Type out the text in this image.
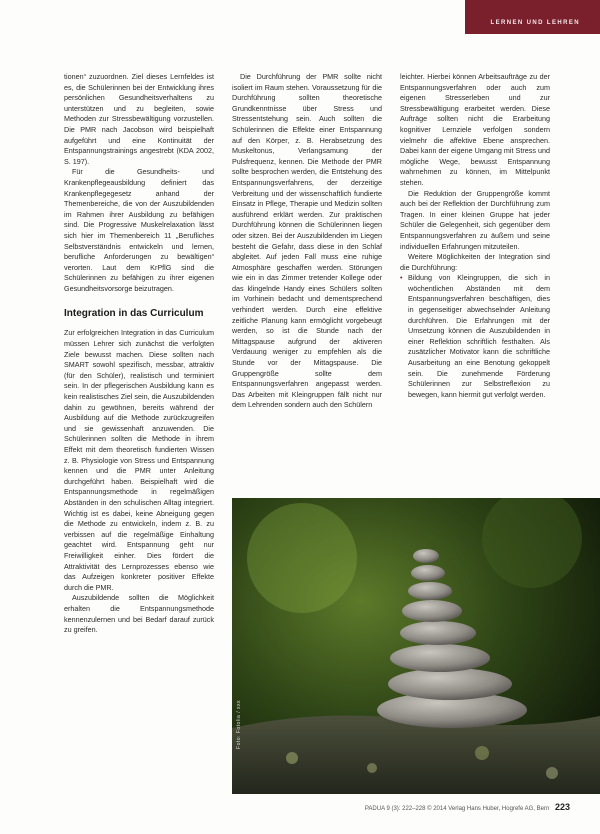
LERNEN UND LEHREN

tionen“ zuzuordnen. Ziel dieses Lernfeldes ist es, die Schülerinnen bei der Entwicklung ihres persönlichen Gesundheitsverhaltens zu unterstützen und zu begleiten, sowie Methoden zur Stressbewältigung vorzustellen. Die PMR nach Jacobson wird beispielhaft aufgeführt und eine Kontinuität der Entspannungstrainings angestrebt (KDA 2002, S. 197).

Für die Gesundheits- und Krankenpflegeausbildung definiert das Krankenpflegegesetz anhand der Themenbereiche, die von der Auszubildenden im Rahmen ihrer Ausbildung zu befähigen sind. Die Progressive Muskelrelaxation lässt sich hier im Themenbereich 11 „Berufliches Selbstverständnis entwickeln und lernen, berufliche Anforderungen zu bewältigen“ verorten. Laut dem KrPflG sind die Schülerinnen zu befähigen zu ihrer eigenen Gesundheitsvorsorge beizutragen.

Integration in das Curriculum

Zur erfolgreichen Integration in das Curriculum müssen Lehrer sich zunächst die verfolgten Ziele bewusst machen. Diese sollten nach SMART sowohl spezifisch, messbar, attraktiv (für den Schüler), realistisch und terminiert sein. In der pflegerischen Ausbildung kann es kein realistisches Ziel sein, die Auszubildenden dahin zu gewöhnen, bereits während der Ausbildung auf die Methode zurückzugreifen und sie gewissenhaft anzuwenden. Die Schülerinnen sollten die Methode in ihrem Effekt mit dem theoretisch fundierten Wissen z. B. Physiologie von Stress und Entspannung kennen und die PMR unter Anleitung durchgeführt haben. Beispielhaft wird die Entspannungsmethode in regelmäßigen Abständen in den schulischen Alltag integriert. Wichtig ist es dabei, keine Abneigung gegen die Methode zu entwickeln, indem z. B. zu verbissen auf die regelmäßige Einhaltung geachtet wird. Entspannung geht nur Freiwilligkeit einher. Dies fördert die Attraktivität des Lernprozesses ebenso wie das Aufzeigen konkreter positiver Effekte durch die PMR.

Auszubildende sollten die Möglichkeit erhalten die Entspannungsmethode kennenzulernen und bei Bedarf darauf zurück zu greifen.

Die Durchführung der PMR sollte nicht isoliert im Raum stehen. Voraussetzung für die Durchführung sollten theoretische Grundkenntnisse über Stress und Stressentstehung sein. Auch sollten die Schülerinnen die Effekte einer Entspannung auf den Körper, z. B. Herabsetzung des Muskeltonus, Verlangsamung der Pulsfrequenz, kennen. Die Methode der PMR sollte besprochen werden, die Entstehung des Entspannungsverfahrens, der derzeitige Verbreitung und der wissenschaftlich fundierte Einsatz in Pflege, Therapie und Medizin sollten ausführend erklärt werden. Zur praktischen Durchführung können die Schülerinnen liegen oder sitzen. Bei der Auszubildenden im Liegen besteht die Gefahr, dass diese in den Schlaf abgleitet. Auf jeden Fall muss eine ruhige Atmosphäre geschaffen werden. Störungen wie ein in das Zimmer tretender Kollege oder das klingelnde Handy eines Schülers sollten im Vorhinein bedacht und dementsprechend verhindert werden. Durch eine effektive zeitliche Planung kann ermöglicht vorgebeugt werden, so ist die Stunde nach der Mittagspause aufgrund der aktiveren Verdauung weniger zu empfehlen als die Stunde vor der Mittagspause. Die Gruppengröße sollte dem Entspannungsverfahren angepasst werden. Das Arbeiten mit Kleingruppen fällt nicht nur dem Lehrenden sondern auch den Schülern

leichter. Hierbei können Arbeitsaufträge zu der Entspannungsverfahren oder auch zum eigenen Stresserleben und zur Stressbewältigung erarbeitet werden. Diese Aufträge sollten nicht die Erarbeitung kognitiver Lernziele verfolgen sondern vielmehr die affektive Ebene ansprechen. Dabei kann der eigene Umgang mit Stress und mögliche Wege, bewusst Entspannung wahrnehmen zu können, im Mittelpunkt stehen.

Die Reduktion der Gruppengröße kommt auch bei der Reflektion der Durchführung zum Tragen. In einer kleinen Gruppe hat jeder Schüler die Gelegenheit, sich gegenüber dem Entspannungsverfahren zu äußern und seine individuellen Erfahrungen mitzuteilen.

Weitere Möglichkeiten der Integration sind die Durchführung:

• Bildung von Kleingruppen, die sich in wöchentlichen Abständen mit dem Entspannungsverfahren beschäftigen, dies in gegenseitiger abwechselnder Anleitung durchführen. Die Erfahrungen mit der Umsetzung können die Auszubildenden in einer Reflektion schriftlich festhalten. Als zusätzlicher Motivator kann die schriftliche Ausarbeitung an eine Benotung gekoppelt sein. Die zunehmende Förderung Schülerinnen zur Selbstreflexion zu bewegen, kann hiermit gut verfolgt werden.
Foto: Fotolia / xxx
PADUA 9 (3): 222–228 © 2014 Verlag Hans Huber, Hogrefe AG, Bern 223
